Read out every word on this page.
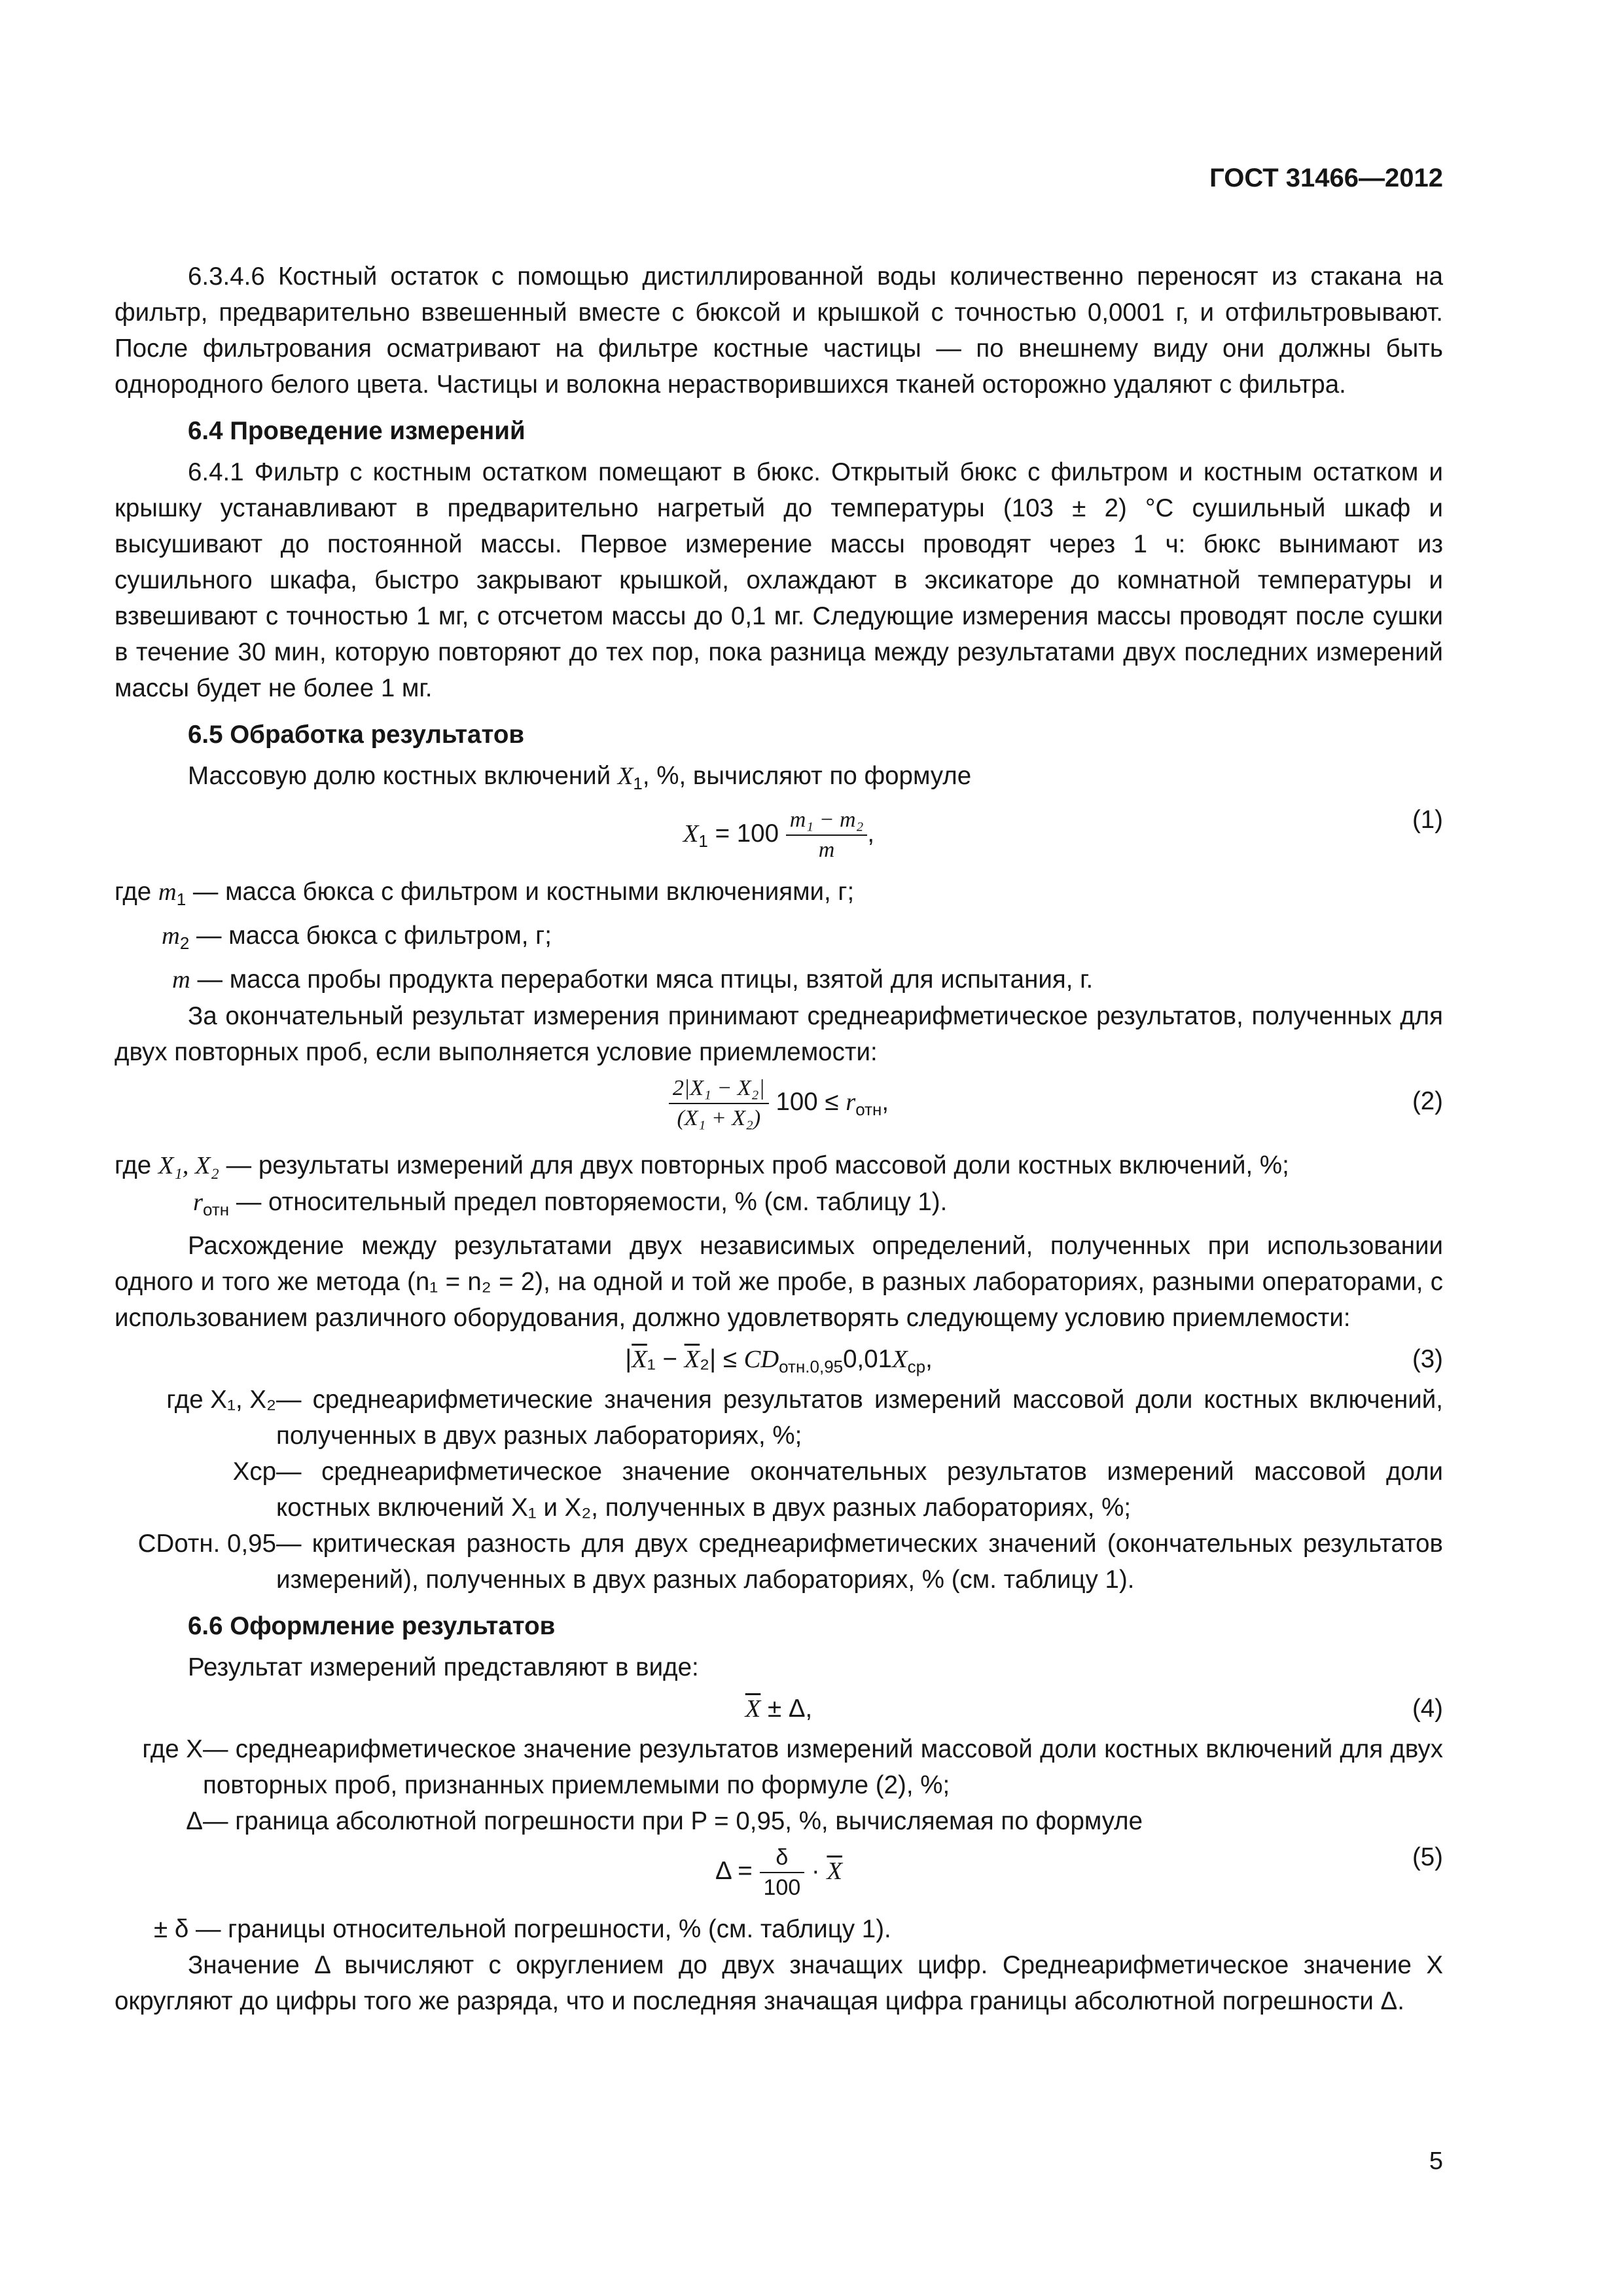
ГОСТ 31466—2012

6.3.4.6 Костный остаток с помощью дистиллированной воды количественно переносят из стакана на фильтр, предварительно взвешенный вместе с бюксой и крышкой с точностью 0,0001 г, и отфильтровывают. После фильтрования осматривают на фильтре костные частицы — по внешнему виду они должны быть однородного белого цвета. Частицы и волокна нерастворившихся тканей осторожно удаляют с фильтра.

6.4 Проведение измерений

6.4.1 Фильтр с костным остатком помещают в бюкс. Открытый бюкс с фильтром и костным остатком и крышку устанавливают в предварительно нагретый до температуры (103 ± 2) °С сушильный шкаф и высушивают до постоянной массы. Первое измерение массы проводят через 1 ч: бюкс вынимают из сушильного шкафа, быстро закрывают крышкой, охлаждают в эксикаторе до комнатной температуры и взвешивают с точностью 1 мг, с отсчетом массы до 0,1 мг. Следующие измерения массы проводят после сушки в течение 30 мин, которую повторяют до тех пор, пока разница между результатами двух последних измерений массы будет не более 1 мг.

6.5 Обработка результатов

Массовую долю костных включений $X_1$, %, вычисляют по формуле

$X_1 = 100 \frac{\text{m₁ − m₂}}{m}$ ,	(1)
где $m_1$ — масса бюкса с фильтром и костными включениями, г;
$m_2$ — масса бюкса с фильтром, г;
m — масса пробы продукта переработки мяса птицы, взятой для испытания, г.

За окончательный результат измерения принимают среднеарифметическое результатов, полученных для двух повторных проб, если выполняется условие приемлемости:

$\frac{\text{2|X₁ − X₂|}}{\text{(X₁ + X₂)}} 100 \le r_{отн}$,	(2)
где X₁, X₂ — результаты измерений для двух повторных проб массовой доли костных включений, %;
$r_{отн}$ — относительный предел повторяемости, % (см. таблицу 1).

Расхождение между результатами двух независимых определений, полученных при использовании одного и того же метода (n₁ = n₂ = 2), на одной и той же пробе, в разных лабораториях, разными операторами, с использованием различного оборудования, должно удовлетворять следующему условию приемлемости:

$|\overline{X}_1 - \overline{X}_2| \le CD_{отн.0,95}0,01X_{ср}$,	(3)
где X₁, X₂ — среднеарифметические значения результатов измерений массовой доли костных включений, полученных в двух разных лабораториях, %;
Xср — среднеарифметическое значение окончательных результатов измерений массовой доли костных включений X₁ и X₂, полученных в двух разных лабораториях, %;
CDотн. 0,95 — критическая разность для двух среднеарифметических значений (окончательных результатов измерений), полученных в двух разных лабораториях, % (см. таблицу 1).
6.6 Оформление результатов

Результат измерений представляют в виде:

$\overline{X} \pm \Delta$,	(4)
где X — среднеарифметическое значение результатов измерений массовой доли костных включений для двух повторных проб, признанных приемлемыми по формуле (2), %;
Δ — граница абсолютной погрешности при P = 0,95, %, вычисляемая по формуле
$\Delta = \frac{\delta}{100} \cdot \overline{X}$
(5)
± δ — границы относительной погрешности, % (см. таблицу 1).

Значение Δ вычисляют с округлением до двух значащих цифр. Среднеарифметическое значение X округляют до цифры того же разряда, что и последняя значащая цифра границы абсолютной погрешности Δ.

5
